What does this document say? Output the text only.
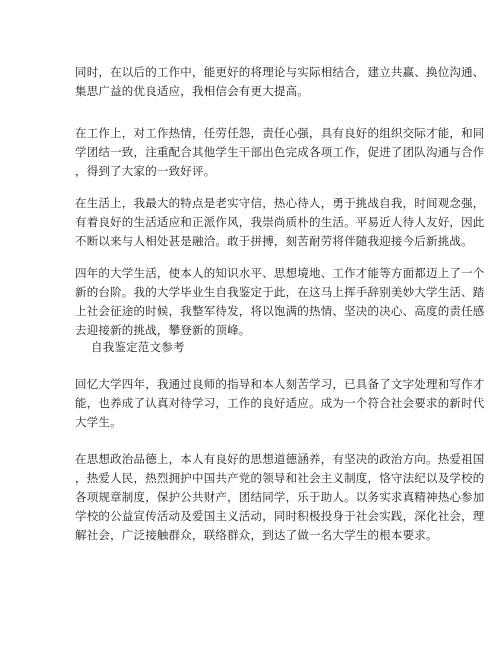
同时，在以后的工作中，能更好的将理论与实际相结合，建立共赢、换位沟通、
集思广益的优良适应，我相信会有更大提高。

在工作上，对工作热情，任劳任怨，责任心强，具有良好的组织交际才能，和同
学团结一致，注重配合其他学生干部出色完成各项工作，促进了团队沟通与合作
，得到了大家的一致好评。

在生活上，我最大的特点是老实守信，热心待人，勇于挑战自我，时间观念强，
有着良好的生活适应和正派作风，我崇尚质朴的生活。平易近人待人友好，因此
不断以来与人相处甚是融洽。敢于拼搏，刻苦耐劳将伴随我迎接今后新挑战。

四年的大学生活，使本人的知识水平、思想境地、工作才能等方面都迈上了一个
新的台阶。我的大学毕业生自我鉴定于此，在这马上挥手辞别美妙大学生活、踏
上社会征途的时候，我整军待发，将以饱满的热情、坚决的决心、高度的责任感
去迎接新的挑战，攀登新的顶峰。

自我鉴定范文参考

回忆大学四年，我通过良师的指导和本人刻苦学习，已具备了文字处理和写作才
能，也养成了认真对待学习，工作的良好适应。成为一个符合社会要求的新时代
大学生。

在思想政治品德上，本人有良好的思想道德涵养，有坚决的政治方向。热爱祖国
，热爱人民，热烈拥护中国共产党的领导和社会主义制度，恪守法纪以及学校的
各项规章制度，保护公共财产，团结同学，乐于助人。以务实求真精神热心参加
学校的公益宣传活动及爱国主义活动，同时积极投身于社会实践，深化社会，理
解社会，广泛接触群众，联络群众，到达了做一名大学生的根本要求。
